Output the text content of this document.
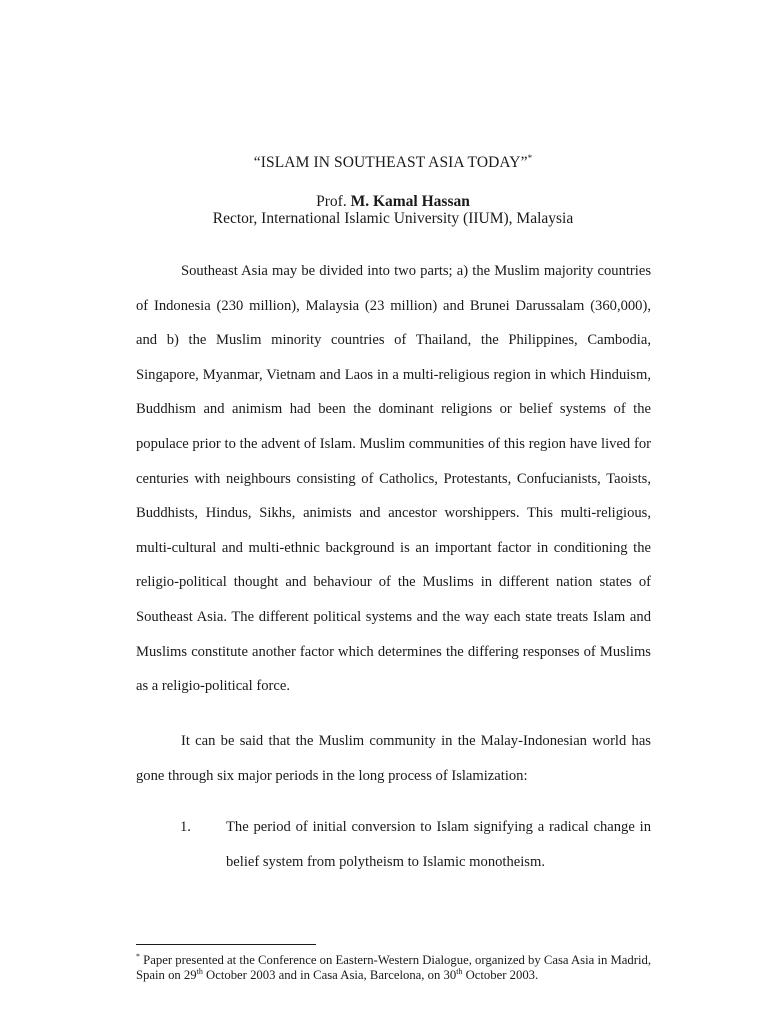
“ISLAM IN SOUTHEAST ASIA TODAY”*
Prof. M. Kamal Hassan
Rector, International Islamic University (IIUM), Malaysia

Southeast Asia may be divided into two parts; a) the Muslim majority countries of Indonesia (230 million), Malaysia (23 million) and Brunei Darussalam (360,000), and b) the Muslim minority countries of Thailand, the Philippines, Cambodia, Singapore, Myanmar, Vietnam and Laos in a multi-religious region in which Hinduism, Buddhism and animism had been the dominant religions or belief systems of the populace prior to the advent of Islam. Muslim communities of this region have lived for centuries with neighbours consisting of Catholics, Protestants, Confucianists, Taoists, Buddhists, Hindus, Sikhs, animists and ancestor worshippers. This multi-religious, multi-cultural and multi-ethnic background is an important factor in conditioning the religio-political thought and behaviour of the Muslims in different nation states of Southeast Asia. The different political systems and the way each state treats Islam and Muslims constitute another factor which determines the differing responses of Muslims as a religio-political force.

It can be said that the Muslim community in the Malay-Indonesian world has gone through six major periods in the long process of Islamization:

1. The period of initial conversion to Islam signifying a radical change in belief system from polytheism to Islamic monotheism.

* Paper presented at the Conference on Eastern-Western Dialogue, organized by Casa Asia in Madrid, Spain on 29th October 2003 and in Casa Asia, Barcelona, on 30th October 2003.
